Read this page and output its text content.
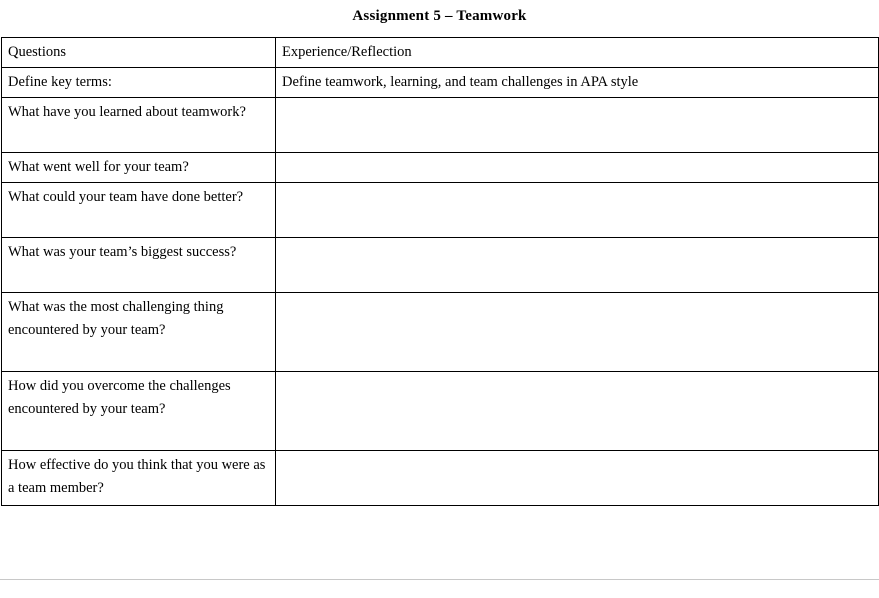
Assignment 5 – Teamwork
Questions	Experience/Reflection

Define key terms:	Define teamwork, learning, and team challenges in APA style

What have you learned about teamwork?	

What went well for your team?	

What could your team have done better?	

What was your team’s biggest success?	

What was the most challenging thing encountered by your team?	

How did you overcome the challenges encountered by your team?	

How effective do you think that you were as a team member?	
